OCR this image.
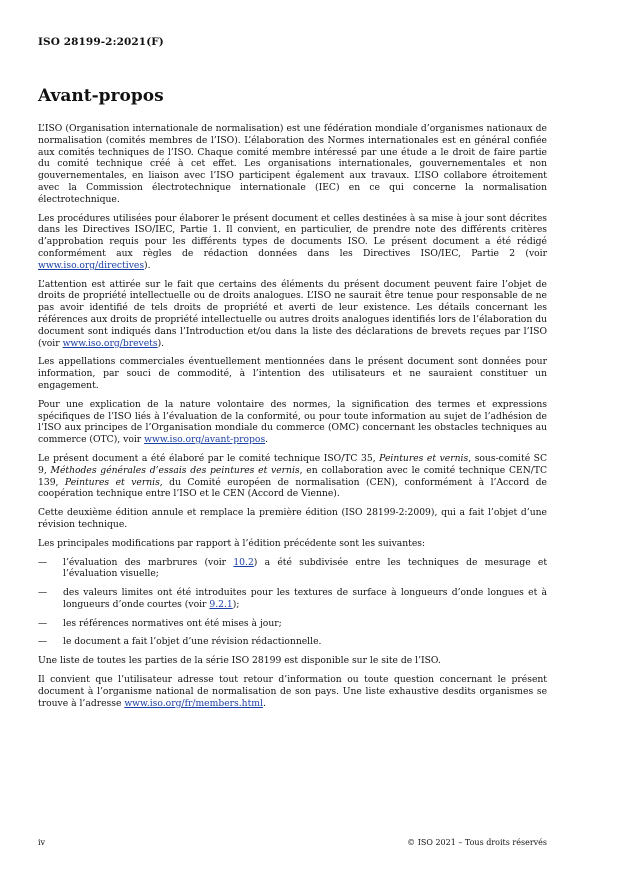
ISO 28199-2:2021(F)
Avant-propos

L’ISO (Organisation internationale de normalisation) est une fédération mondiale d’organismes nationaux de normalisation (comités membres de l’ISO). L’élaboration des Normes internationales est en général confiée aux comités techniques de l’ISO. Chaque comité membre intéressé par une étude a le droit de faire partie du comité technique créé à cet effet. Les organisations internationales, gouvernementales et non gouvernementales, en liaison avec l’ISO participent également aux travaux. L’ISO collabore étroitement avec la Commission électrotechnique internationale (IEC) en ce qui concerne la normalisation électrotechnique.

Les procédures utilisées pour élaborer le présent document et celles destinées à sa mise à jour sont décrites dans les Directives ISO/IEC, Partie 1. Il convient, en particulier, de prendre note des différents critères d’approbation requis pour les différents types de documents ISO. Le présent document a été rédigé conformément aux règles de rédaction données dans les Directives ISO/IEC, Partie 2 (voir www.iso.org/directives).

L’attention est attirée sur le fait que certains des éléments du présent document peuvent faire l’objet de droits de propriété intellectuelle ou de droits analogues. L’ISO ne saurait être tenue pour responsable de ne pas avoir identifié de tels droits de propriété et averti de leur existence. Les détails concernant les références aux droits de propriété intellectuelle ou autres droits analogues identifiés lors de l’élaboration du document sont indiqués dans l’Introduction et/ou dans la liste des déclarations de brevets reçues par l’ISO (voir www.iso.org/brevets).

Les appellations commerciales éventuellement mentionnées dans le présent document sont données pour information, par souci de commodité, à l’intention des utilisateurs et ne sauraient constituer un engagement.

Pour une explication de la nature volontaire des normes, la signification des termes et expressions spécifiques de l’ISO liés à l’évaluation de la conformité, ou pour toute information au sujet de l’adhésion de l’ISO aux principes de l’Organisation mondiale du commerce (OMC) concernant les obstacles techniques au commerce (OTC), voir www.iso.org/avant-propos.

Le présent document a été élaboré par le comité technique ISO/TC 35, Peintures et vernis, sous-comité SC 9, Méthodes générales d’essais des peintures et vernis, en collaboration avec le comité technique CEN/TC 139, Peintures et vernis, du Comité européen de normalisation (CEN), conformément à l’Accord de coopération technique entre l’ISO et le CEN (Accord de Vienne).

Cette deuxième édition annule et remplace la première édition (ISO 28199-2:2009), qui a fait l’objet d’une révision technique.

Les principales modifications par rapport à l’édition précédente sont les suivantes:

—	l’évaluation des marbrures (voir 10.2) a été subdivisée entre les techniques de mesurage et l’évaluation visuelle;
—	des valeurs limites ont été introduites pour les textures de surface à longueurs d’onde longues et à longueurs d’onde courtes (voir 9.2.1);
—	les références normatives ont été mises à jour;
—	le document a fait l’objet d’une révision rédactionnelle.

Une liste de toutes les parties de la série ISO 28199 est disponible sur le site de l’ISO.

Il convient que l’utilisateur adresse tout retour d’information ou toute question concernant le présent document à l’organisme national de normalisation de son pays. Une liste exhaustive desdits organismes se trouve à l’adresse www.iso.org/fr/members.html.

iv	© ISO 2021 – Tous droits réservés
